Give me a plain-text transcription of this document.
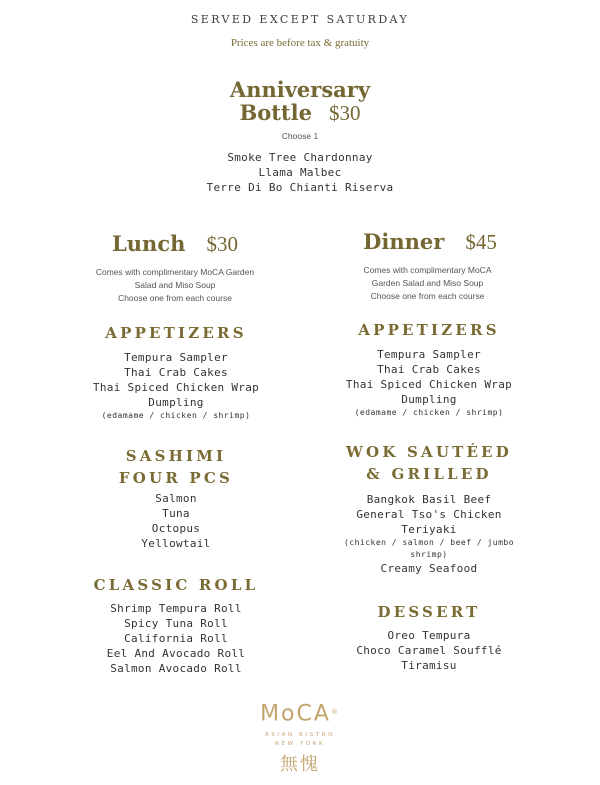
SERVED EXCEPT SATURDAY
Prices are before tax & gratuity
Anniversary
Bottle $30
Choose 1
Smoke Tree Chardonnay
Llama Malbec
Terre Di Bo Chianti Riserva
Lunch $30
Comes with complimentary MoCA Garden
Salad and Miso Soup
Choose one from each course
APPETIZERS
Tempura Sampler
Thai Crab Cakes
Thai Spiced Chicken Wrap
Dumpling
(edamame / chicken / shrimp)
SASHIMI
FOUR PCS
Salmon
Tuna
Octopus
Yellowtail
CLASSIC ROLL
Shrimp Tempura Roll
Spicy Tuna Roll
California Roll
Eel And Avocado Roll
Salmon Avocado Roll
Dinner $45
Comes with complimentary MoCA
Garden Salad and Miso Soup
Choose one from each course
APPETIZERS
Tempura Sampler
Thai Crab Cakes
Thai Spiced Chicken Wrap
Dumpling
(edamame / chicken / shrimp)
WOK SAUTÉED
& GRILLED
Bangkok Basil Beef
General Tso's Chicken
Teriyaki
(chicken / salmon / beef / jumbo
shrimp)
Creamy Seafood
DESSERT
Oreo Tempura
Choco Caramel Soufflé
Tiramisu
MoCA®
ASIAN BISTRO
NEW YORK
無愧
